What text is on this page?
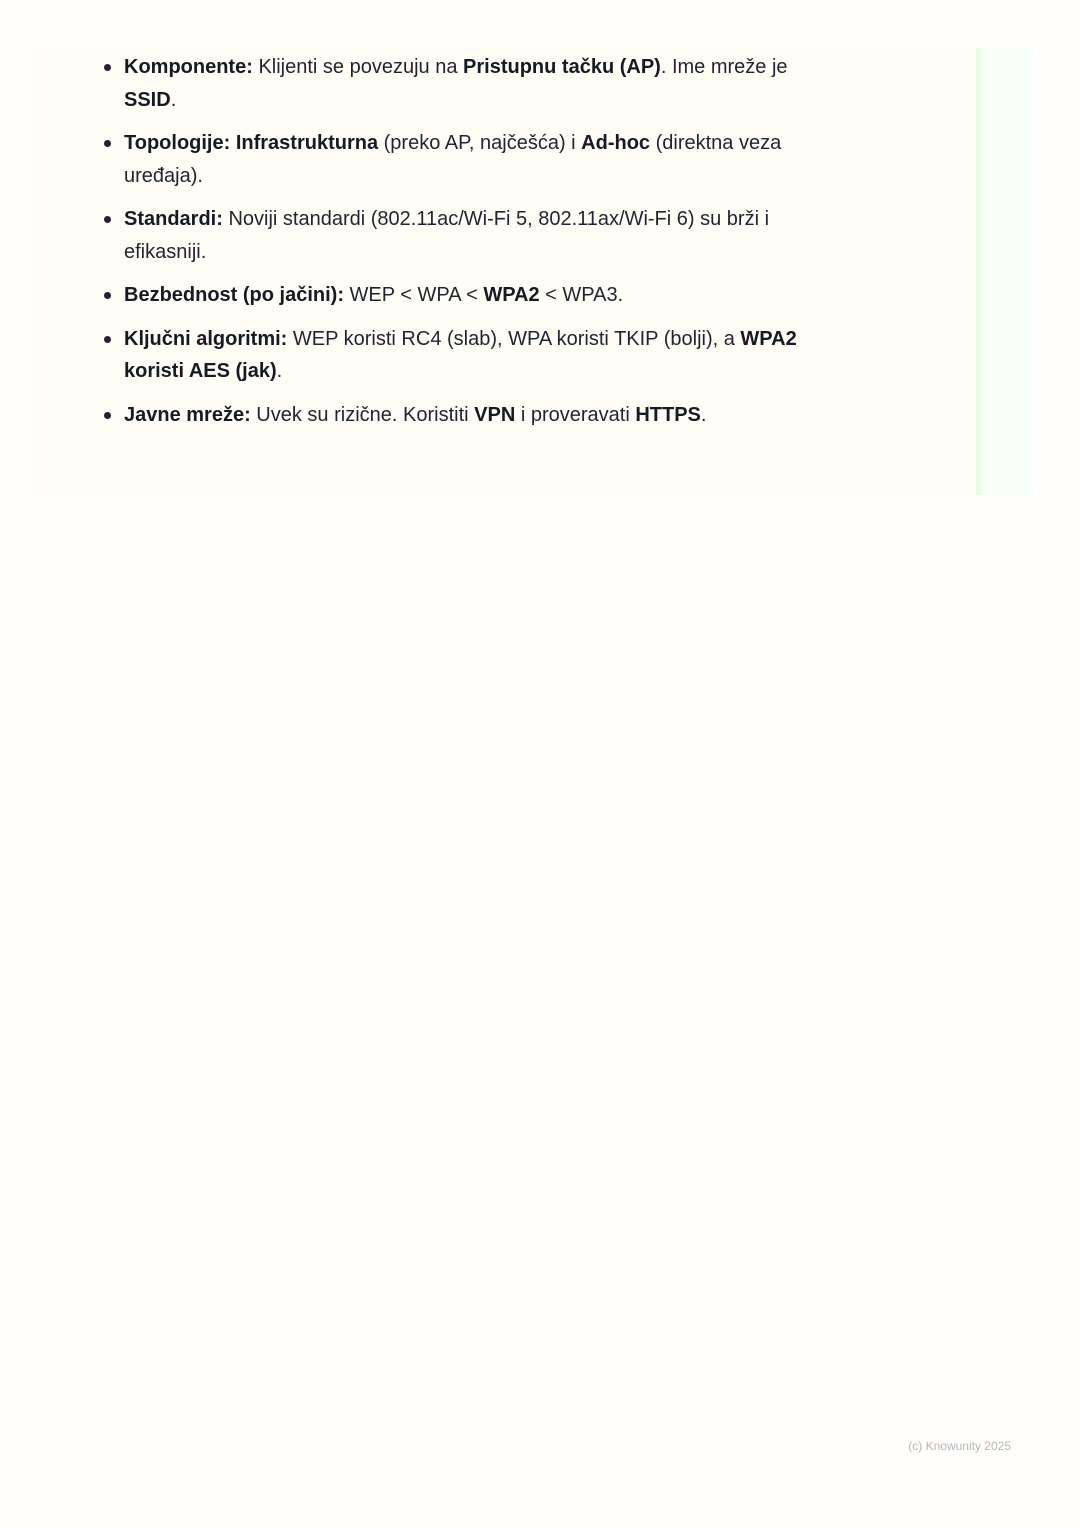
Komponente: Klijenti se povezuju na Pristupnu tačku (AP). Ime mreže je SSID.
Topologije: Infrastrukturna (preko AP, najčešća) i Ad-hoc (direktna veza uređaja).
Standardi: Noviji standardi (802.11ac/Wi-Fi 5, 802.11ax/Wi-Fi 6) su brži i efikasniji.
Bezbednost (po jačini): WEP < WPA < WPA2 < WPA3.
Ključni algoritmi: WEP koristi RC4 (slab), WPA koristi TKIP (bolji), a WPA2 koristi AES (jak).
Javne mreže: Uvek su rizične. Koristiti VPN i proveravati HTTPS.
(c) Knowunity 2025
